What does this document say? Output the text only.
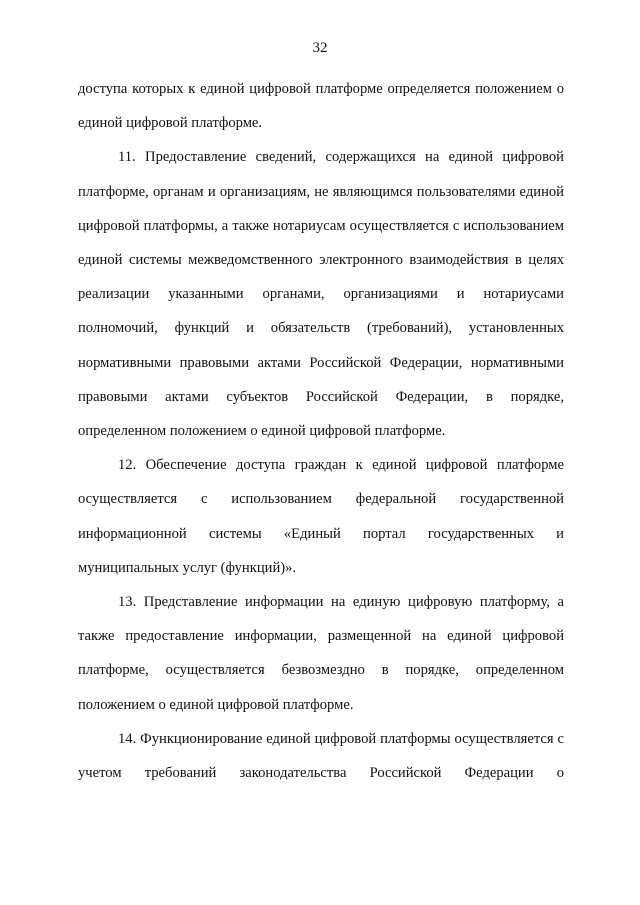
32

доступа которых к единой цифровой платформе определяется положением о единой цифровой платформе.

11. Предоставление сведений, содержащихся на единой цифровой платформе, органам и организациям, не являющимся пользователями единой цифровой платформы, а также нотариусам осуществляется с использованием единой системы межведомственного электронного взаимодействия в целях реализации указанными органами, организациями и нотариусами полномочий, функций и обязательств (требований), установленных нормативными правовыми актами Российской Федерации, нормативными правовыми актами субъектов Российской Федерации, в порядке, определенном положением о единой цифровой платформе.

12. Обеспечение доступа граждан к единой цифровой платформе осуществляется с использованием федеральной государственной информационной системы «Единый портал государственных и муниципальных услуг (функций)».

13. Представление информации на единую цифровую платформу, а также предоставление информации, размещенной на единой цифровой платформе, осуществляется безвозмездно в порядке, определенном положением о единой цифровой платформе.

14. Функционирование единой цифровой платформы осуществляется с учетом требований законодательства Российской Федерации о
